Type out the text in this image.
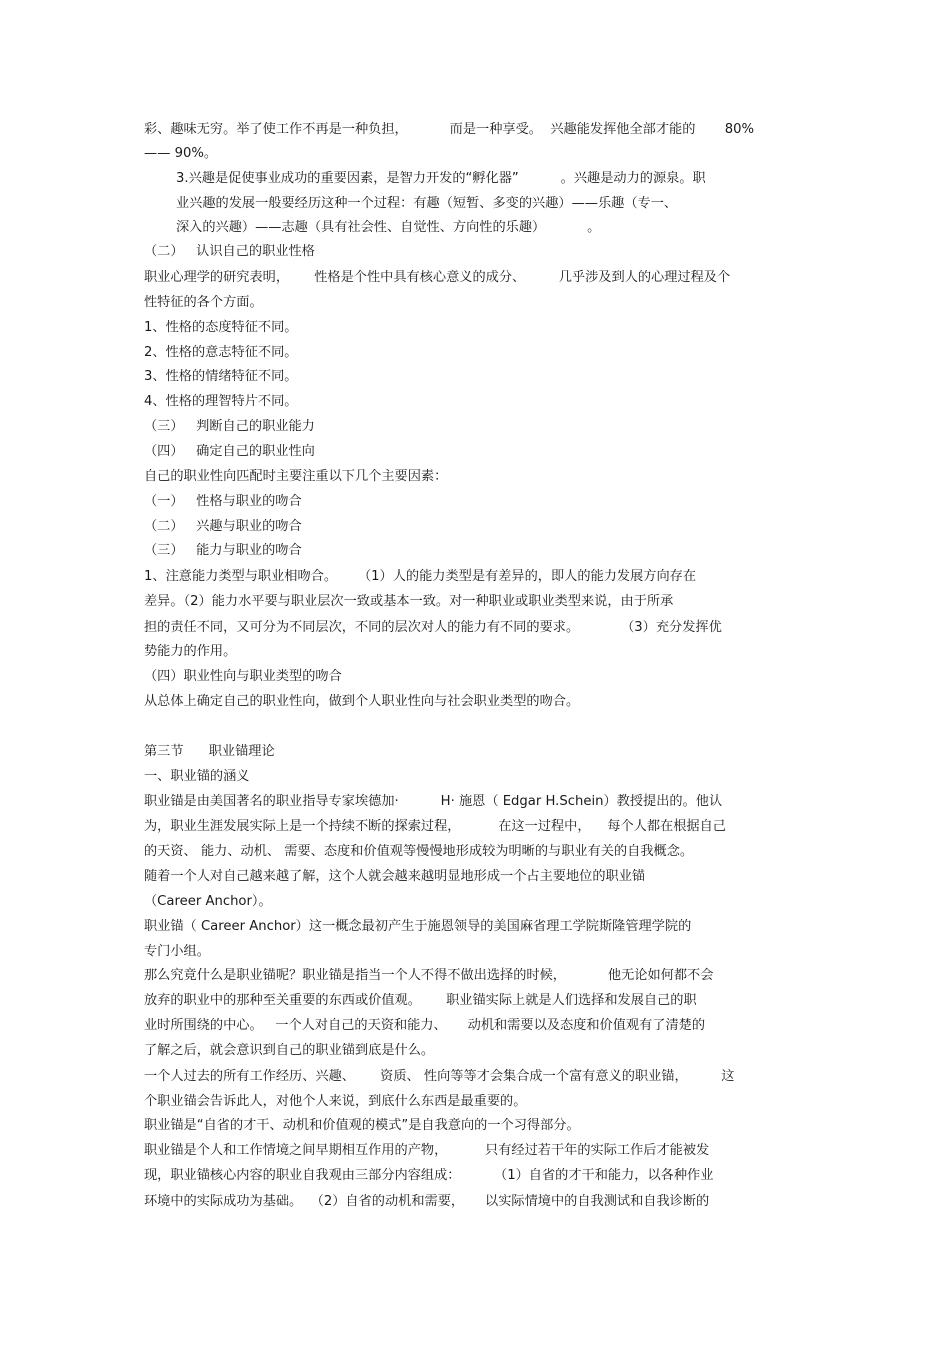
彩、趣味无穷。举了使工作不再是一种负担，          而是一种享受。  兴趣能发挥他全部才能的       80%
—— 90%。
3.兴趣是促使事业成功的重要因素，是智力开发的“孵化器”          。兴趣是动力的源泉。职
业兴趣的发展一般要经历这种一个过程：有趣（短暂、多变的兴趣）——乐趣（专一、
深入的兴趣）——志趣（具有社会性、自觉性、方向性的乐趣）          。
（二）   认识自己的职业性格
职业心理学的研究表明，      性格是个性中具有核心意义的成分、        几乎涉及到人的心理过程及个
性特征的各个方面。
1、性格的态度特征不同。
2、性格的意志特征不同。
3、性格的情绪特征不同。
4、性格的理智特片不同。
（三）   判断自己的职业能力
（四）   确定自己的职业性向
自己的职业性向匹配时主要注重以下几个主要因素：
（一）   性格与职业的吻合
（二）   兴趣与职业的吻合
（三）   能力与职业的吻合
1、注意能力类型与职业相吻合。     （1）人的能力类型是有差异的，即人的能力发展方向存在
差异。（2）能力水平要与职业层次一致或基本一致。对一种职业或职业类型来说，由于所承
担的责任不同，又可分为不同层次，不同的层次对人的能力有不同的要求。          （3）充分发挥优
势能力的作用。
（四）职业性向与职业类型的吻合
从总体上确定自己的职业性向，做到个人职业性向与社会职业类型的吻合。
第三节      职业锚理论
一、职业锚的涵义
职业锚是由美国著名的职业指导专家埃德加·          H· 施恩（ Edgar H.Schein）教授提出的。他认
为，职业生涯发展实际上是一个持续不断的探索过程，         在这一过程中，    每个人都在根据自己
的天资、 能力、动机、 需要、态度和价值观等慢慢地形成较为明晰的与职业有关的自我概念。
随着一个人对自己越来越了解，这个人就会越来越明显地形成一个占主要地位的职业锚
（Career Anchor）。
职业锚（ Career Anchor）这一概念最初产生于施恩领导的美国麻省理工学院斯隆管理学院的
专门小组。
那么究竟什么是职业锚呢？职业锚是指当一个人不得不做出选择的时候，          他无论如何都不会
放弃的职业中的那种至关重要的东西或价值观。      职业锚实际上就是人们选择和发展自己的职
业时所围绕的中心。   一个人对自己的天资和能力、     动机和需要以及态度和价值观有了清楚的
了解之后，就会意识到自己的职业锚到底是什么。
一个人过去的所有工作经历、兴趣、      资质、 性向等等才会集合成一个富有意义的职业锚，        这
个职业锚会告诉此人，对他个人来说，到底什么东西是最重要的。
职业锚是“自省的才干、动机和价值观的模式”是自我意向的一个习得部分。
职业锚是个人和工作情境之间早期相互作用的产物，         只有经过若干年的实际工作后才能被发
现，职业锚核心内容的职业自我观由三部分内容组成：        （1）自省的才干和能力，以各种作业
环境中的实际成功为基础。  （2）自省的动机和需要，     以实际情境中的自我测试和自我诊断的
